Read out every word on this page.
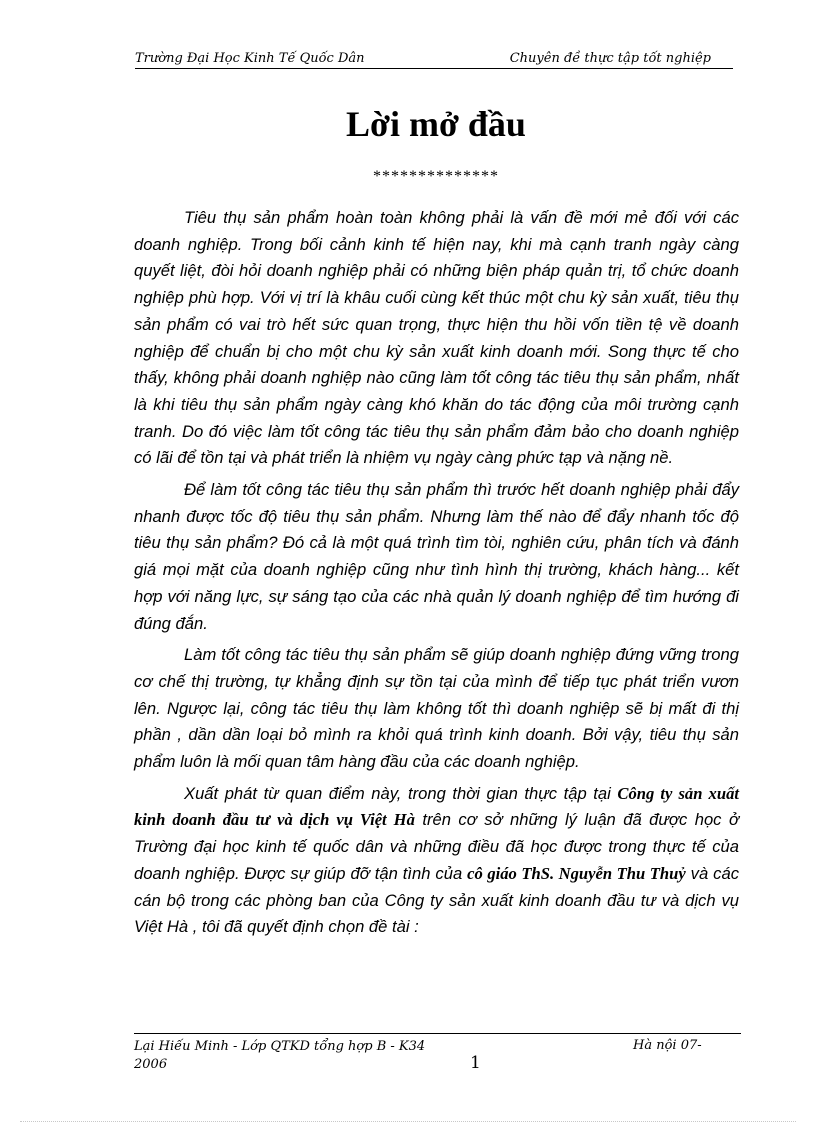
Trường Đại Học Kinh Tế Quốc Dân	Chuyên đề thực tập tốt nghiệp
Lời mở đầu
**************

Tiêu thụ sản phẩm hoàn toàn không phải là vấn đề mới mẻ đối với các doanh nghiệp. Trong bối cảnh kinh tế hiện nay, khi mà cạnh tranh ngày càng quyết liệt, đòi hỏi doanh nghiệp phải có những biện pháp quản trị, tổ chức doanh nghiệp phù hợp. Với vị trí là khâu cuối cùng kết thúc một chu kỳ sản xuất, tiêu thụ sản phẩm có vai trò hết sức quan trọng, thực hiện thu hồi vốn tiền tệ về doanh nghiệp để chuẩn bị cho một chu kỳ sản xuất kinh doanh mới. Song thực tế cho thấy, không phải doanh nghiệp nào cũng làm tốt công tác tiêu thụ sản phẩm, nhất là khi tiêu thụ sản phẩm ngày càng khó khăn do tác động của môi trường cạnh tranh. Do đó việc làm tốt công tác tiêu thụ sản phẩm đảm bảo cho doanh nghiệp có lãi để tồn tại và phát triển là nhiệm vụ ngày càng phức tạp và nặng nề.

Để làm tốt công tác tiêu thụ sản phẩm thì trước hết doanh nghiệp phải đẩy nhanh được tốc độ tiêu thụ sản phẩm. Nhưng làm thế nào để đẩy nhanh tốc độ tiêu thụ sản phẩm? Đó cả là một quá trình tìm tòi, nghiên cứu, phân tích và đánh giá mọi mặt của doanh nghiệp cũng như tình hình thị trường, khách hàng... kết hợp với năng lực, sự sáng tạo của các nhà quản lý doanh nghiệp để tìm hướng đi đúng đắn.

Làm tốt công tác tiêu thụ sản phẩm sẽ giúp doanh nghiệp đứng vững trong cơ chế thị trường, tự khẳng định sự tồn tại của mình để tiếp tục phát triển vươn lên. Ngược lại, công tác tiêu thụ làm không tốt thì doanh nghiệp sẽ bị mất đi thị phần , dần dần loại bỏ mình ra khỏi quá trình kinh doanh. Bởi vậy, tiêu thụ sản phẩm luôn là mối quan tâm hàng đầu của các doanh nghiệp.

Xuất phát từ quan điểm này, trong thời gian thực tập tại Công ty sản xuất kinh doanh đầu tư và dịch vụ Việt Hà trên cơ sở những lý luận đã được học ở Trường đại học kinh tế quốc dân và những điều đã học được trong thực tế của doanh nghiệp. Được sự giúp đỡ tận tình của cô giáo ThS. Nguyễn Thu Thuỷ và các cán bộ trong các phòng ban của Công ty sản xuất kinh doanh đầu tư và dịch vụ Việt Hà , tôi đã quyết định chọn đề tài :

Lại Hiếu Minh - Lớp QTKD tổng hợp B - K34 2006	1
Hà nội 07-
